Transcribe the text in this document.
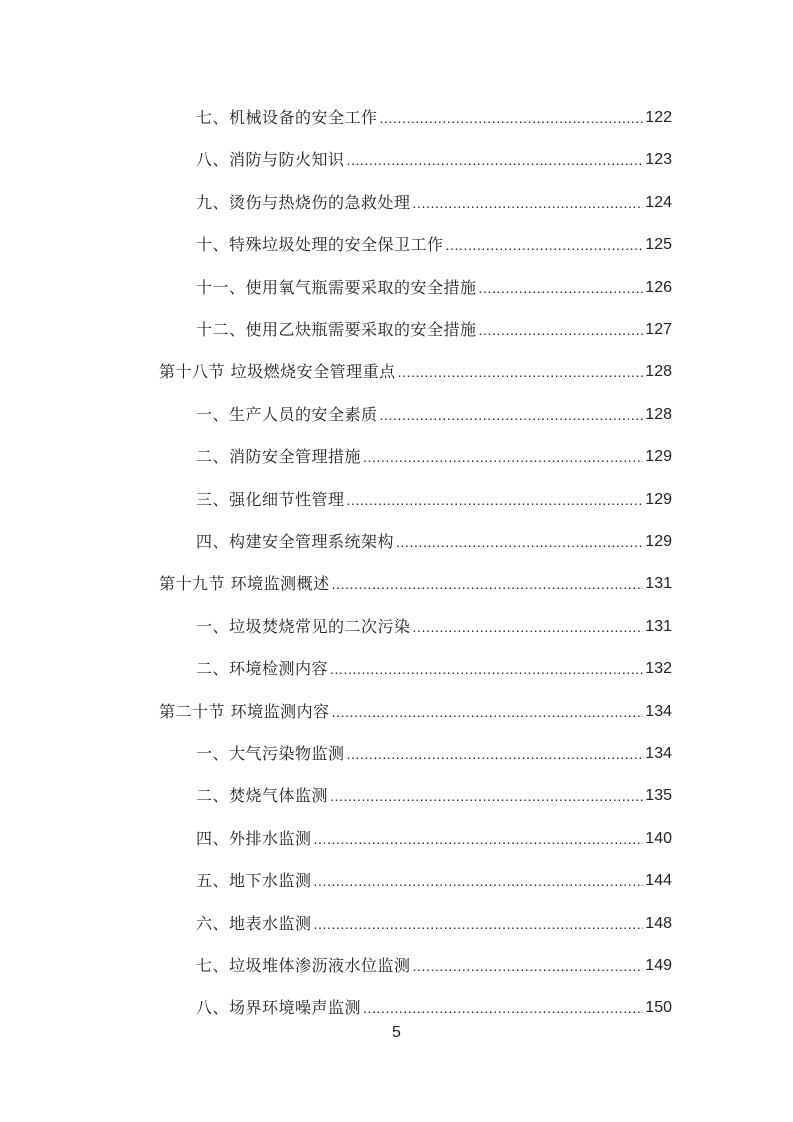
七、机械设备的安全工作 .....	122
八、消防与防火知识 .....	123
九、烫伤与热烧伤的急救处理 .....	124
十、特殊垃圾处理的安全保卫工作 .....	125
十一、使用氧气瓶需要采取的安全措施 .....	126
十二、使用乙炔瓶需要采取的安全措施 .....	127
第十八节 垃圾燃烧安全管理重点 .....	128
一、生产人员的安全素质 .....	128
二、消防安全管理措施 .....	129
三、强化细节性管理 .....	129
四、构建安全管理系统架构 .....	129
第十九节 环境监测概述 .....	131
一、垃圾焚烧常见的二次污染 .....	131
二、环境检测内容 .....	132
第二十节 环境监测内容 .....	134
一、大气污染物监测 .....	134
二、焚烧气体监测 .....	135
四、外排水监测 .....	140
五、地下水监测 .....	144
六、地表水监测 .....	148
七、垃圾堆体渗沥液水位监测 .....	149
八、场界环境噪声监测 .....	150
5
